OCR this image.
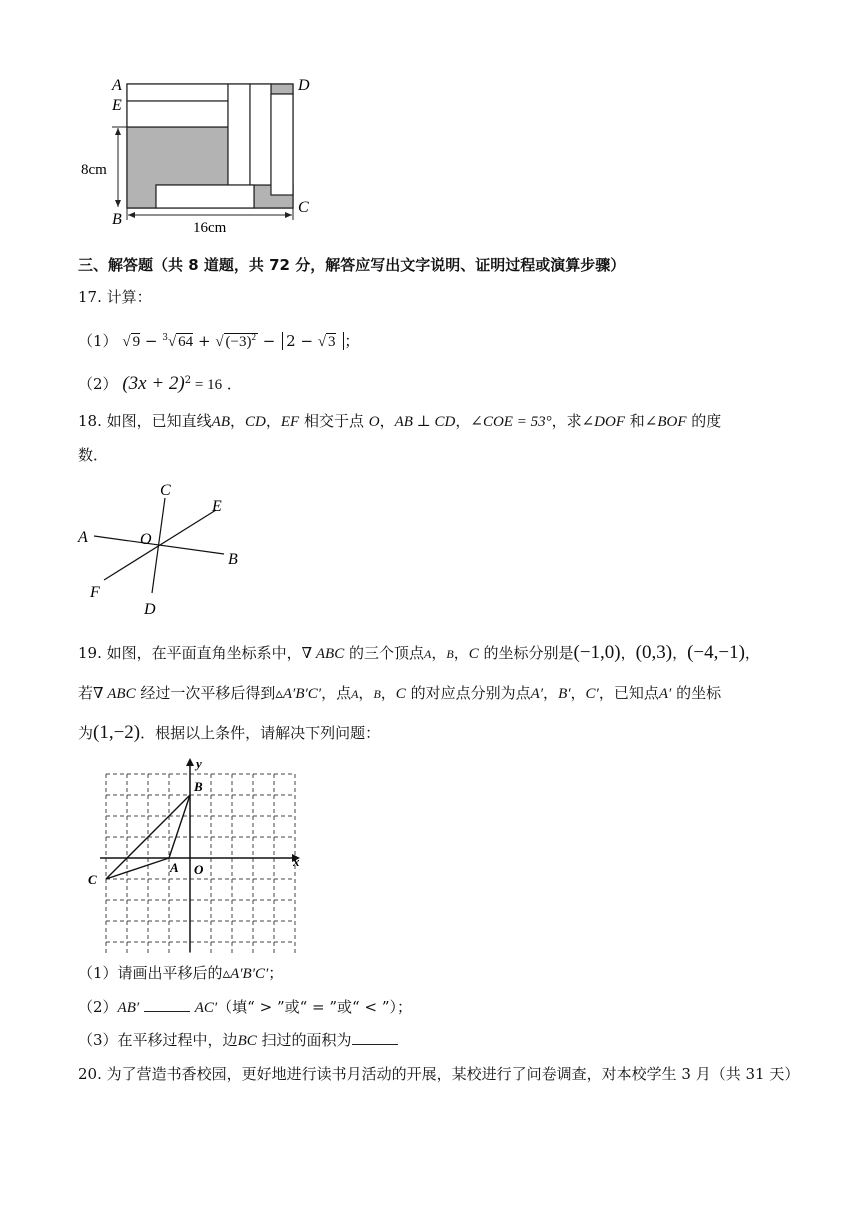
A	D
E
B
C
8cm
16cm
三、解答题（共 8 道题，共 72 分，解答应写出文字说明、证明过程或演算步骤）
17. 计算：
（1） √ 9 − $^3$√ 64 + √ $(-3)^2 - 2$ − √ 3 ；
（2） $(3x + 2)^2 = 16$ ．
18. 如图，已知直线AB，CD，EF 相交于点 O，AB ⊥ CD，∠COE = 53°，求∠DOF 和∠BOF 的度
数．
C
E
A	O
B
F
D
19. 如图，在平面直角坐标系中，∇ ABC 的三个顶点A，B，C 的坐标分别是(−1,0)，(0,3)，(−4,−1)，
若∇ ABC 经过一次平移后得到▵A′B′C′，点A，B，C 的对应点分别为点A′，B′，C′，已知点A′ 的坐标
为(1,−2)．根据以上条件，请解决下列问题：
x
y
O
A
B
C
（1）请画出平移后的▵A′B′C′；
（2）AB′	AC′（填“ > ”或“ = ”或“ < ”）；
（3）在平移过程中，边BC 扫过的面积为
20. 为了营造书香校园，更好地进行读书月活动的开展，某校进行了问卷调查，对本校学生 3 月（共 31 天）
